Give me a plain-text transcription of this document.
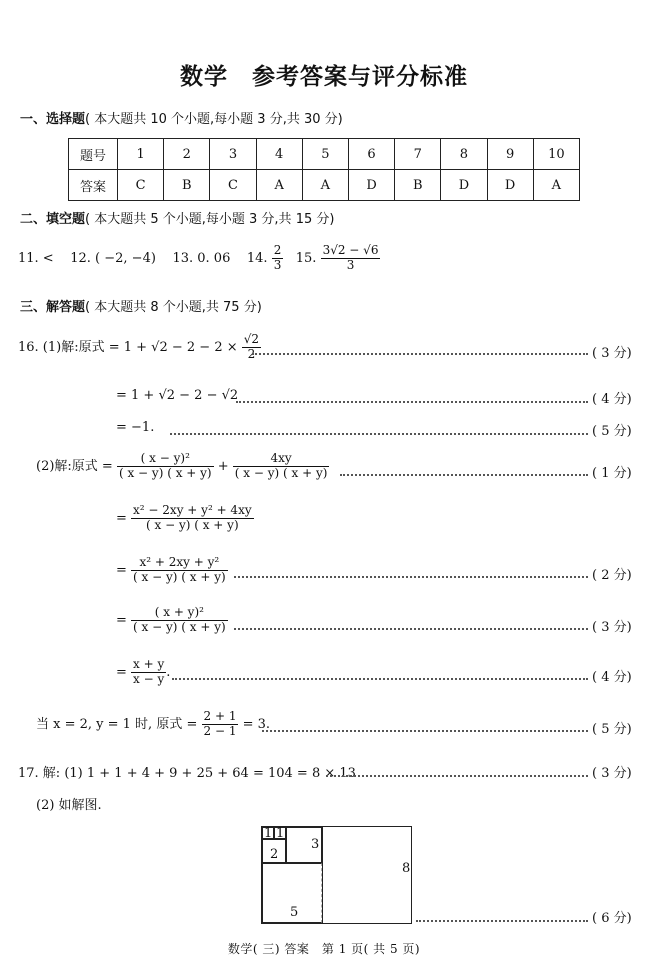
数学　参考答案与评分标准
一、选择题( 本大题共 10 个小题,每小题 3 分,共 30 分)
题号	1	2	3	4	5	6	7	8	9	10
答案	C	B	C	A	A	D	B	D	D	A
二、填空题( 本大题共 5 个小题,每小题 3 分,共 15 分)
11. < 12. ( −2, −4) 13. 0. 06 14. $\frac{2}{3} 15$. $\frac{3√2 - √6}{3}$
三、解答题( 本大题共 8 个小题,共 75 分)
16. (1)解:原式 = $1 + √2 - 2 - 2 \times \frac{√2}{2}$	( 3 分)
= 1 + √2 − 2 − √2	( 4 分)
= −1.	( 5 分)
(2)解:原式 = $\frac{\text{( x − y)²}}{( x - y) ( x + y)} + \frac{4xy}{( x - y) ( x + y)}$	( 1 分)
= $\frac{\text{x² − 2xy + y² + 4xy}}{( x - y) ( x + y)}$
= $\frac{\text{x² + 2xy + y²}}{( x - y) ( x + y)}$	( 2 分)
= $\frac{\text{( x + y)²}}{( x - y) ( x + y)}$	( 3 分)
= $\frac{x + y}{x - y}$ .	( 4 分)
当 x = 2, y = 1 时, 原式 = $\frac{2 + 1}{2 - 1} = 3$.	( 5 分)
17. 解: (1) 1 + 1 + 4 + 9 + 25 + 64 = 104 = 8 × 13	( 3 分)
(2) 如解图.
1 1
2
3
5
8
( 6 分)
数学( 三) 答案　第 1 页( 共 5 页)
